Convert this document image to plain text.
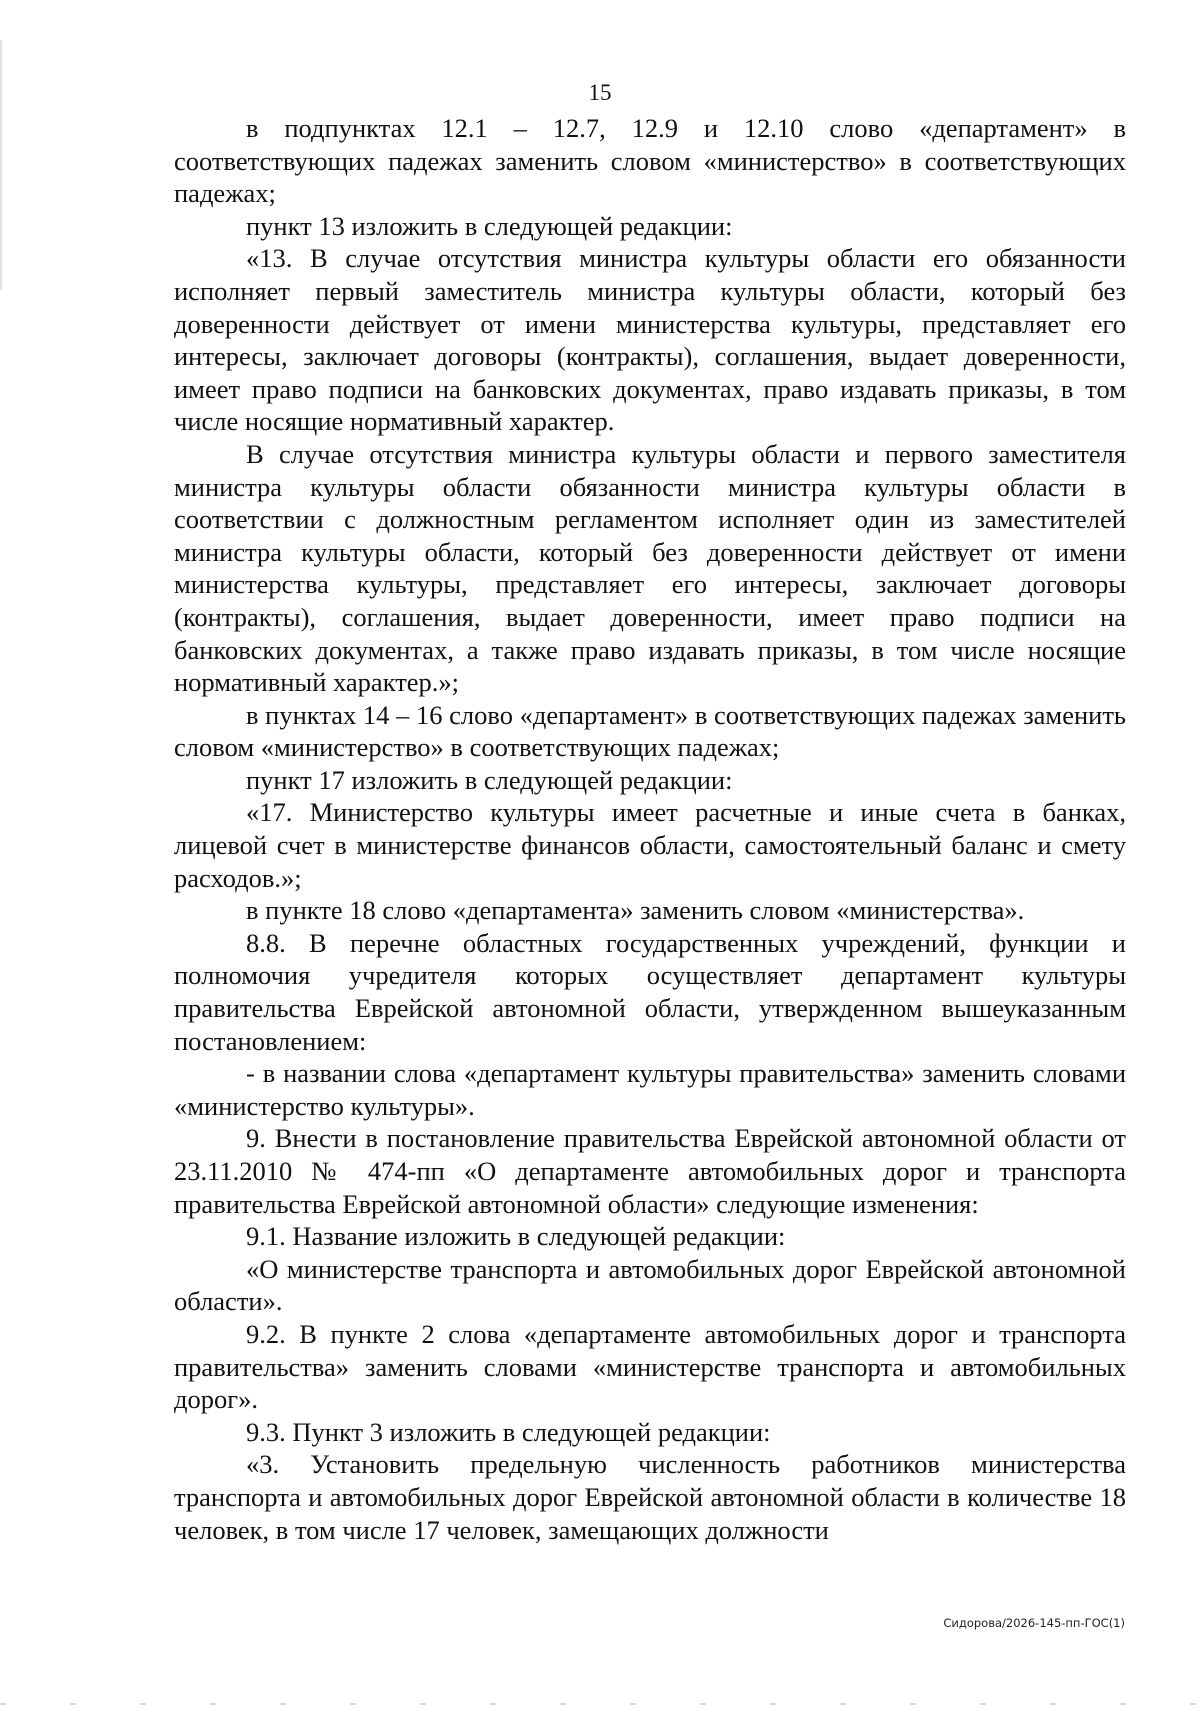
15

в подпунктах 12.1 – 12.7, 12.9 и 12.10 слово «департамент» в соответствующих падежах заменить словом «министерство» в соответствующих падежах;

пункт 13 изложить в следующей редакции:

«13. В случае отсутствия министра культуры области его обязанности исполняет первый заместитель министра культуры области, который без доверенности действует от имени министерства культуры, представляет его интересы, заключает договоры (контракты), соглашения, выдает доверенности, имеет право подписи на банковских документах, право издавать приказы, в том числе носящие нормативный характер.

В случае отсутствия министра культуры области и первого заместителя министра культуры области обязанности министра культуры области в соответствии с должностным регламентом исполняет один из заместителей министра культуры области, который без доверенности действует от имени министерства культуры, представляет его интересы, заключает договоры (контракты), соглашения, выдает доверенности, имеет право подписи на банковских документах, а также право издавать приказы, в том числе носящие нормативный характер.»;

в пунктах 14 – 16 слово «департамент» в соответствующих падежах заменить словом «министерство» в соответствующих падежах;

пункт 17 изложить в следующей редакции:

«17. Министерство культуры имеет расчетные и иные счета в банках, лицевой счет в министерстве финансов области, самостоятельный баланс и смету расходов.»;

в пункте 18 слово «департамента» заменить словом «министерства».

8.8. В перечне областных государственных учреждений, функции и полномочия учредителя которых осуществляет департамент культуры правительства Еврейской автономной области, утвержденном вышеуказанным постановлением:

- в названии слова «департамент культуры правительства» заменить словами «министерство культуры».

9. Внести в постановление правительства Еврейской автономной области от 23.11.2010 № 474-пп «О департаменте автомобильных дорог и транспорта правительства Еврейской автономной области» следующие изменения:

9.1. Название изложить в следующей редакции:

«О министерстве транспорта и автомобильных дорог Еврейской автономной области».

9.2. В пункте 2 слова «департаменте автомобильных дорог и транспорта правительства» заменить словами «министерстве транспорта и автомобильных дорог».

9.3. Пункт 3 изложить в следующей редакции:

«3. Установить предельную численность работников министерства транспорта и автомобильных дорог Еврейской автономной области в количестве 18 человек, в том числе 17 человек, замещающих должности

Сидорова/2026-145-пп-ГОС(1)
